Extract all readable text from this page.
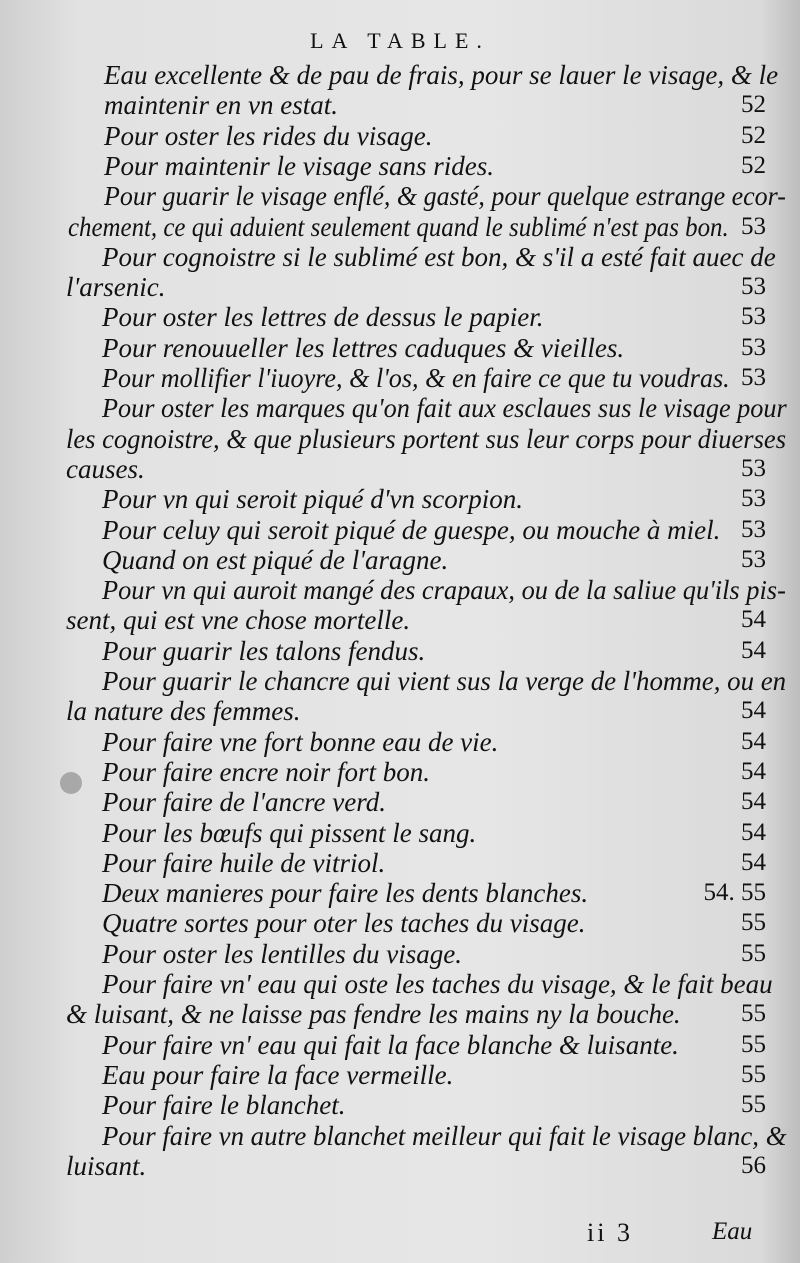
LA TABLE.
Eau excellente & de pau de frais, pour se lauer le visage, & le
maintenir en vn estat.	52
Pour oster les rides du visage.	52
Pour maintenir le visage sans rides.	52
Pour guarir le visage enflé, & gasté, pour quelque estrange ecor-
chement, ce qui aduient seulement quand le sublimé n'est pas bon. 53
Pour cognoistre si le sublimé est bon, & s'il a esté fait auec de
l'arsenic.	53
Pour oster les lettres de dessus le papier.	53
Pour renouueller les lettres caduques & vieilles.	53
Pour mollifier l'iuoyre, & l'os, & en faire ce que tu voudras. 53
Pour oster les marques qu'on fait aux esclaues sus le visage pour
les cognoistre, & que plusieurs portent sus leur corps pour diuerses
causes.	53
Pour vn qui seroit piqué d'vn scorpion.	53
Pour celuy qui seroit piqué de guespe, ou mouche à miel. 53
Quand on est piqué de l'aragne.	53
Pour vn qui auroit mangé des crapaux, ou de la saliue qu'ils pis-
sent, qui est vne chose mortelle.	54
Pour guarir les talons fendus.	54
Pour guarir le chancre qui vient sus la verge de l'homme, ou en
la nature des femmes.	54
Pour faire vne fort bonne eau de vie.	54
Pour faire encre noir fort bon.	54
Pour faire de l'ancre verd.	54
Pour les bœufs qui pissent le sang.	54
Pour faire huile de vitriol.	54
Deux manieres pour faire les dents blanches.	54. 55
Quatre sortes pour oter les taches du visage.	55
Pour oster les lentilles du visage.	55
Pour faire vn' eau qui oste les taches du visage, & le fait beau
& luisant, & ne laisse pas fendre les mains ny la bouche. 55
Pour faire vn' eau qui fait la face blanche & luisante. 55
Eau pour faire la face vermeille.	55
Pour faire le blanchet.	55
Pour faire vn autre blanchet meilleur qui fait le visage blanc, &
luisant.	56
ii 3	Eau
